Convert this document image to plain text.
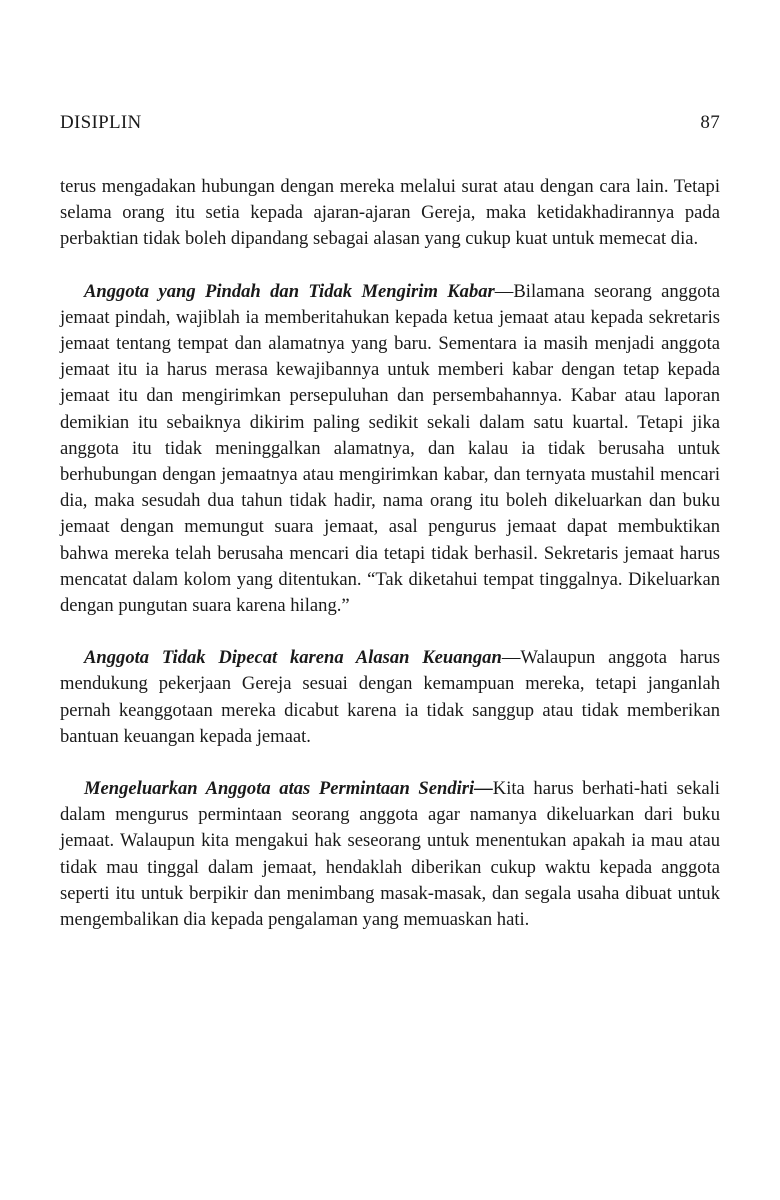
DISIPLIN	87

terus mengadakan hubungan dengan mereka melalui surat atau dengan cara lain. Tetapi selama orang itu setia kepada ajaran-ajaran Gereja, maka ketidakhadirannya pada perbaktian tidak boleh dipandang sebagai alasan yang cukup kuat untuk memecat dia.

Anggota yang Pindah dan Tidak Mengirim Kabar—Bilamana seorang anggota jemaat pindah, wajiblah ia memberitahukan kepada ketua jemaat atau kepada sekretaris jemaat tentang tempat dan alamatnya yang baru. Sementara ia masih menjadi anggota jemaat itu ia harus merasa kewajibannya untuk memberi kabar dengan tetap kepada jemaat itu dan mengirimkan persepuluhan dan persembahannya. Kabar atau laporan demikian itu sebaiknya dikirim paling sedikit sekali dalam satu kuartal. Tetapi jika anggota itu tidak meninggalkan alamatnya, dan kalau ia tidak berusaha untuk berhubungan dengan jemaatnya atau mengirimkan kabar, dan ternyata mustahil mencari dia, maka sesudah dua tahun tidak hadir, nama orang itu boleh dikeluarkan dan buku jemaat dengan memungut suara jemaat, asal pengurus jemaat dapat membuktikan bahwa mereka telah berusaha mencari dia tetapi tidak berhasil. Sekretaris jemaat harus mencatat dalam kolom yang ditentukan. “Tak diketahui tempat tinggalnya. Dikeluarkan dengan pungutan suara karena hilang.”

Anggota Tidak Dipecat karena Alasan Keuangan—Walaupun anggota harus mendukung pekerjaan Gereja sesuai dengan kemampuan mereka, tetapi janganlah pernah keanggotaan mereka dicabut karena ia tidak sanggup atau tidak memberikan bantuan keuangan kepada jemaat.

Mengeluarkan Anggota atas Permintaan Sendiri—Kita harus berhati-hati sekali dalam mengurus permintaan seorang anggota agar namanya dikeluarkan dari buku jemaat. Walaupun kita mengakui hak seseorang untuk menentukan apakah ia mau atau tidak mau tinggal dalam jemaat, hendaklah diberikan cukup waktu kepada anggota seperti itu untuk berpikir dan menimbang masak-masak, dan segala usaha dibuat untuk mengembalikan dia kepada pengalaman yang memuaskan hati.
